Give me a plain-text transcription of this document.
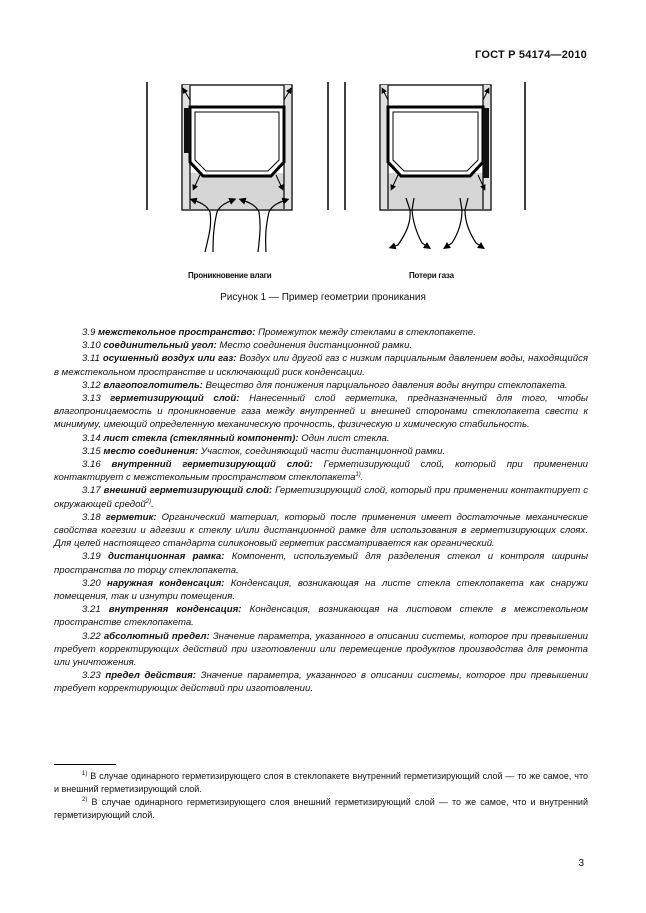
ГОСТ Р 54174—2010
Проникновение влаги	Потери газа
Рисунок 1 — Пример геометрии проникания

3.9 межстекольное пространство: Промежуток между стеклами в стеклопакете.

3.10 соединительный угол: Место соединения дистанционной рамки.

3.11 осушенный воздух или газ: Воздух или другой газ с низким парциальным давлением воды, находящийся в межстекольном пространстве и исключающий риск конденсации.

3.12 влагопоглотитель: Вещество для понижения парциального давления воды внутри стеклопакета.

3.13 герметизирующий слой: Нанесенный слой герметика, предназначенный для того, чтобы влагопроницаемость и проникновение газа между внутренней и внешней сторонами стеклопакета свести к минимуму, имеющий определенную механическую прочность, физическую и химическую стабильность.

3.14 лист стекла (стеклянный компонент): Один лист стекла.

3.15 место соединения: Участок, соединяющий части дистанционной рамки.

3.16 внутренний герметизирующий слой: Герметизирующий слой, который при применении контактирует с межстекольным пространством стеклопакета$^{1)}$.

3.17 внешний герметизирующий слой: Герметизирующий слой, который при применении контактирует с окружающей средой$^{2)}$.

3.18 герметик: Органический материал, который после применения имеет достаточные механические свойства когезии и адгезии к стеклу и/или дистанционной рамке для использования в герметизирующих слоях. Для целей настоящего стандарта силиконовый герметик рассматривается как органический.

3.19 дистанционная рамка: Компонент, используемый для разделения стекол и контроля ширины пространства по торцу стеклопакета.

3.20 наружная конденсация: Конденсация, возникающая на листе стекла стеклопакета как снаружи помещения, так и изнутри помещения.

3.21 внутренняя конденсация: Конденсация, возникающая на листовом стекле в межстекольном пространстве стеклопакета.

3.22 абсолютный предел: Значение параметра, указанного в описании системы, которое при превышении требует корректирующих действий при изготовлении или перемещение продуктов производства для ремонта или уничтожения.

3.23 предел действия: Значение параметра, указанного в описании системы, которое при превышении требует корректирующих действий при изготовлении.

$^{1)}$ В случае одинарного герметизирующего слоя в стеклопакете внутренний герметизирующий слой — то же самое, что и внешний герметизирующий слой.
$^{2)}$ В случае одинарного герметизирующего слоя внешний герметизирующий слой — то же самое, что и внутренний герметизирующий слой.
3
